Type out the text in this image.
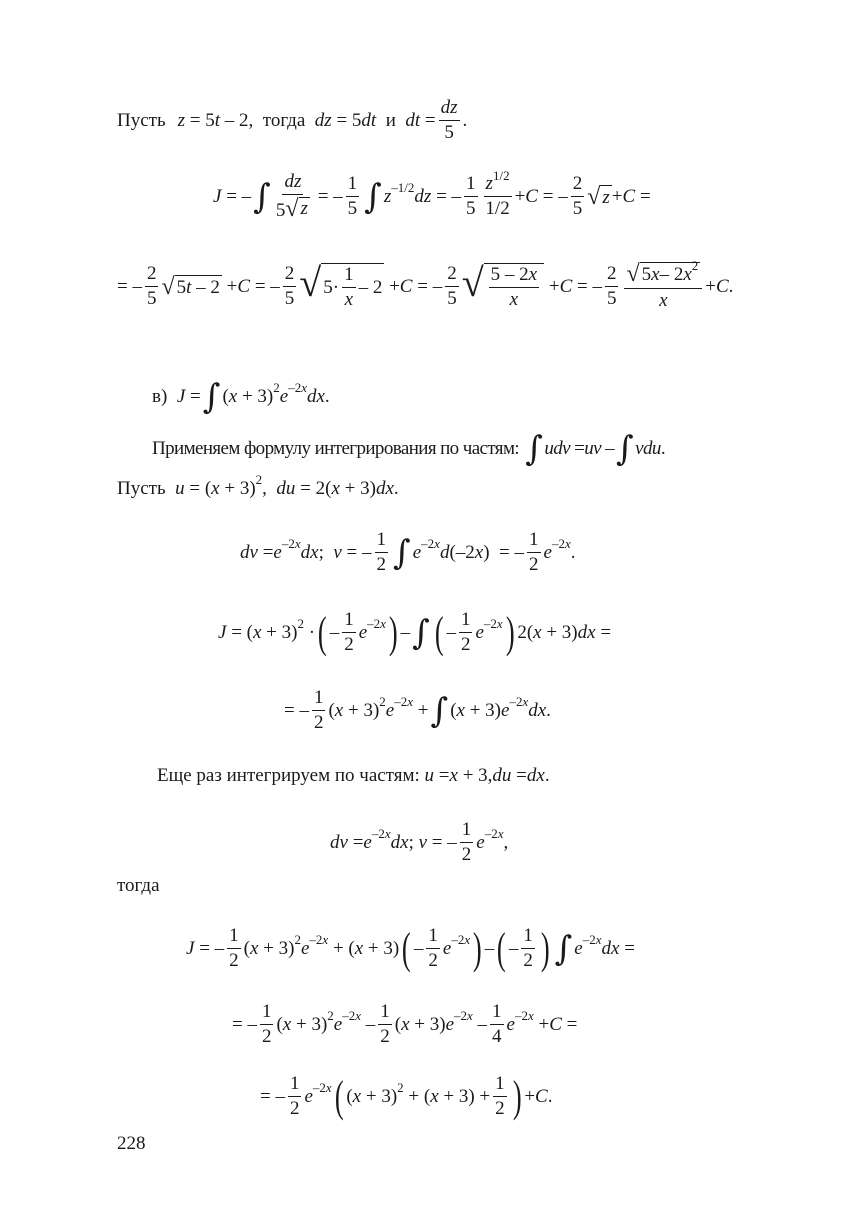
Пусть z = 5 t – 2, тогда
dz = 5 dt
и
dt = $\frac{dz}{5}$ .
J = – ∫ $\frac{dz}{5 √ z}$ = – $\frac{1}{5}$ ∫ z –1/2 dz = – $\frac{1}{5} \frac{z^{1/2}}{1/2} + C$ = – $\frac{2}{5}$ √ z + C =
= – $\frac{2}{5}$ √ 5 t – 2 + C = – $\frac{2}{5}$ √ $5\cdot \frac{1}{x} - 2 + C$ = – $\frac{2}{5}$ √ $\frac{5 - 2x}{x} + C$ = – $\frac{2}{5} \frac{√ 5 x - 2 x 2}{x} + C$ .
в)
J = ∫ ( x + 3) 2 e –2x dx .
Применяем формулу интегрирования по частям:
∫ udv = uv – ∫ vdu .
Пусть
u = ( x + 3) 2 , du = 2( x + 3) dx .
dv = e –2x dx ; v = – $\frac{1}{2}$ ∫ e –2x d (–2 x )  = – $\frac{1}{2}$ e –2x .
J = ( x + 3) 2 · ( – $\frac{1}{2}$ e –2x ) – ∫ ( – $\frac{1}{2}$ e –2x ) 2( x + 3) dx =
= – $\frac{1}{2}$ ( x + 3) 2 e –2x + ∫ ( x + 3) e –2x dx .
Еще раз интегрируем по частям:
u = x + 3, du = dx .
dv = e –2x dx ; v = – $\frac{1}{2}$ e –2x ,
тогда
J = – $\frac{1}{2}$ ( x + 3) 2 e –2x + ( x + 3) ( – $\frac{1}{2}$ e –2x ) – ( – $\frac{1}{2}$ ) ∫ e –2x dx =
= – $\frac{1}{2}$ ( x + 3) 2 e $-2x - \frac{1}{2}$ ( x + 3) e $-2x - \frac{1}{4}$ e –2x + C =
= – $\frac{1}{2}$ e –2x ( ( x + 3) 2 + ( $x + 3) + \frac{1}{2}$ ) + C .
228
